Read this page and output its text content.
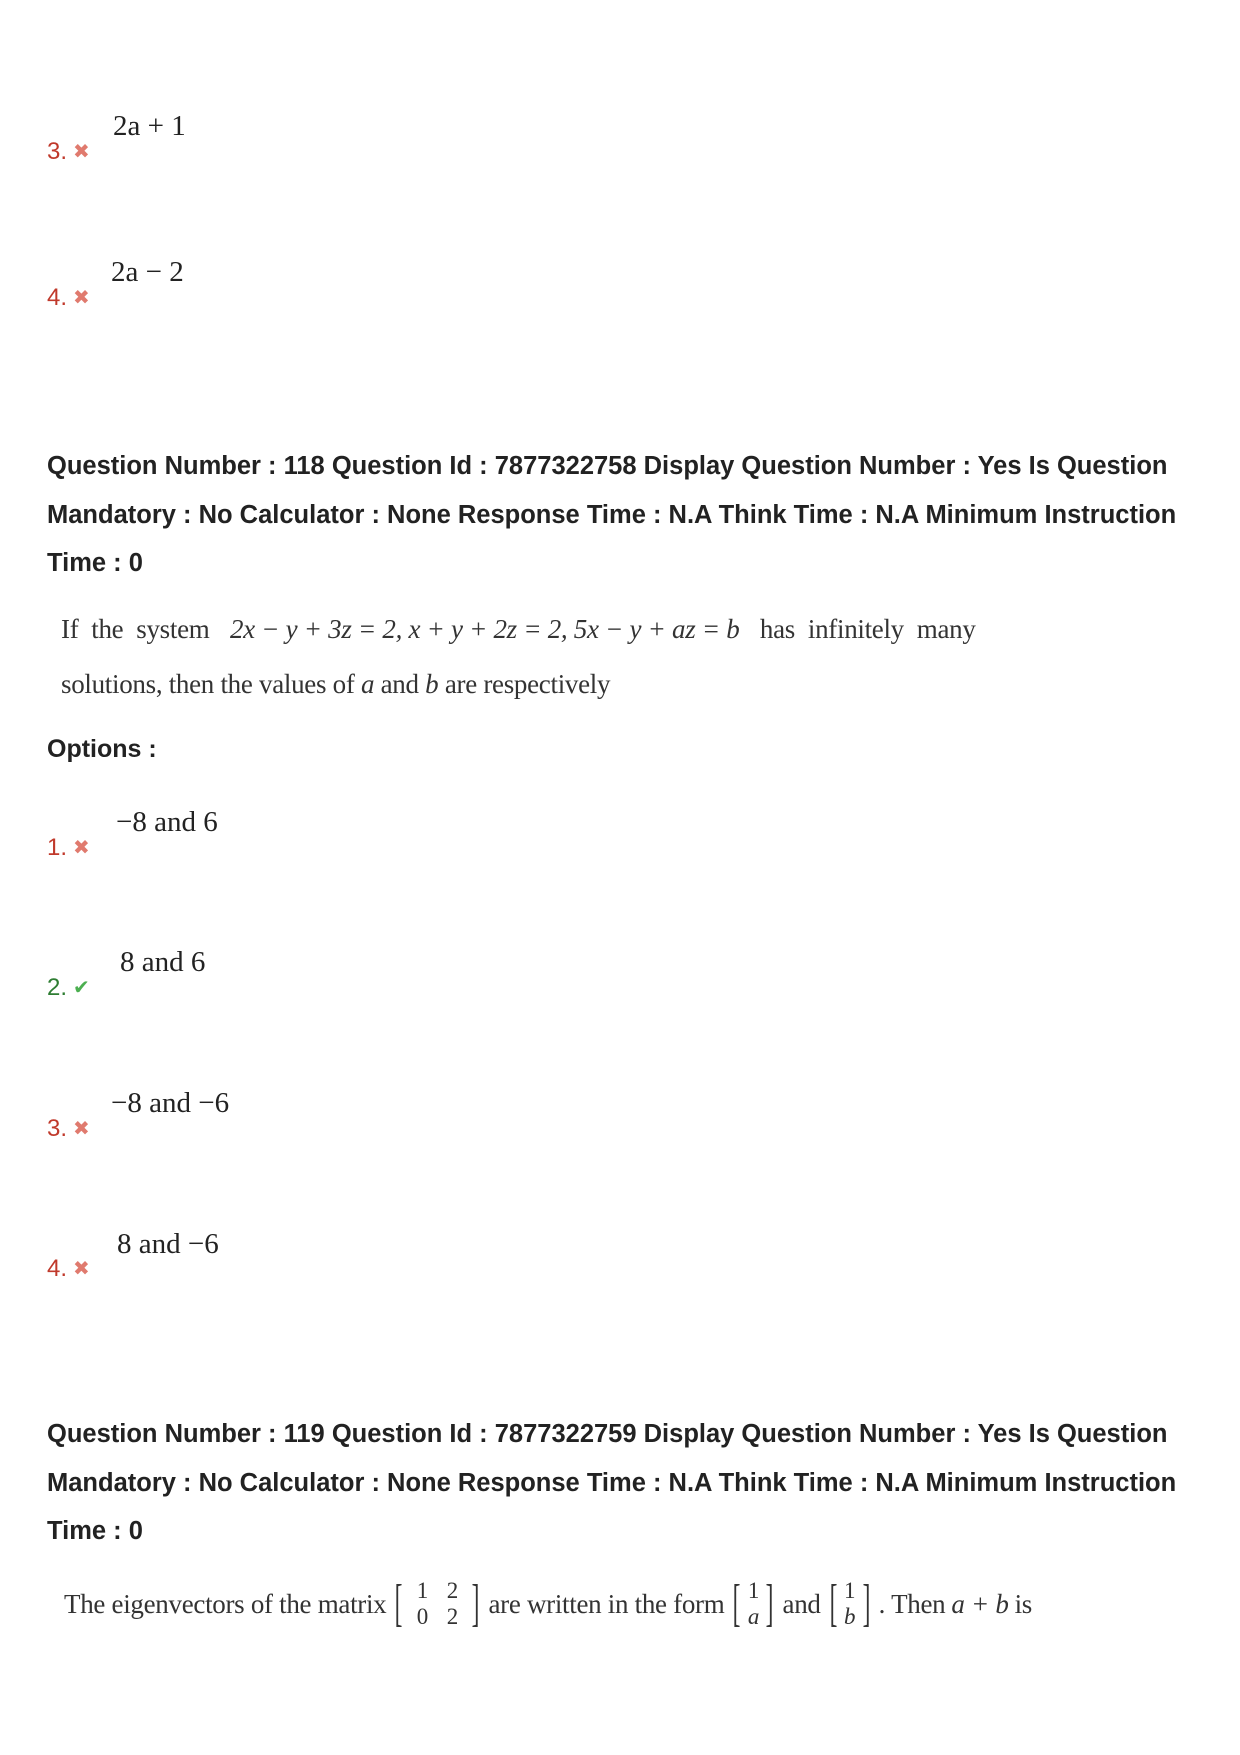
2a + 1
3. ✖
2a − 2
4. ✖
Question Number : 118 Question Id : 7877322758 Display Question Number : Yes Is Question Mandatory : No Calculator : None Response Time : N.A Think Time : N.A Minimum Instruction Time : 0
If  the  system 2x − y + 3z = 2, x + y + 2z = 2, 5x − y + az = b has  infinitely  many
solutions, then the values of a and b are respectively
Options :
−8 and 6
1. ✖
8 and 6
2. ✔
−8 and −6
3. ✖
8 and −6
4. ✖
Question Number : 119 Question Id : 7877322759 Display Question Number : Yes Is Question Mandatory : No Calculator : None Response Time : N.A Think Time : N.A Minimum Instruction Time : 0
The eigenvectors of the matrix [ 1 2
0 2 ] are written in the form [ 1
a ] and [ 1
b ] . Then a + b is
